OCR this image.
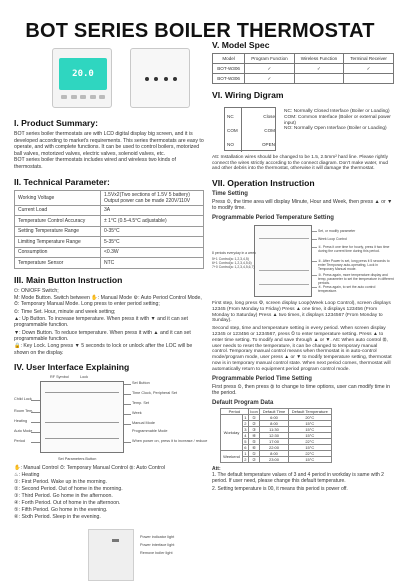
BOT SERIES BOILER THERMOSTAT
20.0
I. Product Summary:
BOT series boiler thermostats are with LCD digital display big screen, and it is developed according to market's requirements. This series thermostats are easy to operate, and with complete functions. It can be used to control boilers, motorized ball valves, motorized valves, electric valves, solenoid valves, etc.
BOT series boiler thermostats includes wired and wireless two kinds of thermostats.
II. Technical Parameter:
Working Voltage	1.5Vx2(Two sections of 1.5V 5 battery) Output power can be made 220V/110V
Current Load	3A
Temperature Control Accuracy	± 1°C (0.5-4.5°C adjustable)
Setting Temperature Range	0-35°C
Limiting Temperature Range	5-35°C
Consumption	<0.3W
Temperature Sensor	NTC
III. Main Button Instruction
⏻: ON/OFF Switch;
M: Mode Button. Switch between ✋: Manual Mode ⚙: Auto Period Control Mode, ⏱: Temporary Manual Mode. Long press to enter period setting;
⏲: Time Set. Hour, minute and week setting;
▲: Up Button. To increase temperature. When press it with ▼ and it can set programmable function.
▼: Down Button. To reduce temperature. When press it with ▲ and it can set programmable function.
🔒: Key Lock. Long press ▼ 5 seconds to lock or unlock after the LOC will be shown on the display.
IV. User Interface Explaining
RF Symbol	Lock
Child Lock
Room Tem.
Heating
Auto Mode
Period
Set Button
Time Clock, Peripheral Set
Temp. Set
Week
Manual Mode
Programmable Mode
When power on, press it to increase / reduce
Set Parameters Button
✋: Manual Control ⏱: Temporary Manual Control ⚙: Auto Control
♨: Heating
①: First Period. Wake up in the morning.
②: Second Period. Out of home in the morning.
③: Third Period. Go home in the afternoon.
④: Forth Period. Out of home in the afternoon.
⑤: Fifth Period. Go home in the evening.
⑥: Sixth Period. Sleep in the evening.
Power indicator light
Power interface light
Remove boiler light
V. Model Spec
Model	Program Function	Wireless Function	Terminal Receiver
BOT-W306	✓	✓	✓
BOT-W306	✓		
VI. Wiring Digram
NC	Close
COM	COM
NO	OPEN
NC: Normally Closed Interface (Boiler or Loading)
COM: Common Interface (Boiler or external power input)
NO: Normally Open Interface (Boiler or Loading)
Att: Installation wires should be changed to be 1.5, 2.5mm² hard line. Please rightly connect the wires strictly according to the connect diagram. Don't make water, mud and other debris into the thermostat, otherwise it will damage the thermostat.
VII. Operation Instruction
Time Setting
Press ⏲, the time area will display Minute, Hour and Week, then press ▲ or ▼ to modify time.
Programmable Period Temperature Setting
8 periods everyday in a week
5+1 Control(a: 1,2,3,4,5)
6+1 Control(a: 1,2,3,4,5,6)
7+0 Control(a: 1,2,3,4,5,6,7)
Set, or modify parameter
Week Loop Control
①. Press it one time for hourly, press it two time during the current time during this period.
②. After Power is set, long press it 5 seconds to enter Temporary auto-operating, Lock in Temporary Manual mode.
③. Press again, more temperature display and temp, parameter to set the temperature in different periods.
④. Press again, to set the auto control temperature.
First step, long press ⚙, screen display Loop(Week Loop Control), screen displays 12345 (From Monday to Friday) Press ▲ one time, it displays 123456 (From Monday to Saturday) Press ▲ two times, it displays 1234567 (From Monday to Sunday).
Second step, time and temperature setting in every period. When screen display 12345 or 123456 or 1234567, press ⏲ to enter temperature setting. Press ▲ to enter time setting. To modify and save through ▲ or ▼. Att: When auto control ⚙, user needs to reset the temperature, it can be changed to temporary manual control. Temporary manual control means when thermostat is in auto-control mode/program mode, user press ▲ or ▼ to modify temperature setting, thermostat now is in temporary manual control state. When next period comes, thermostat will automatically return to equipment period program control mode.
Programmable Period Time Setting
First press ⏲, then press ⚙ to change to time options, user can modify time in the period.
Default Program Data
Period		Icon	Default Time	Default Temperature
Workday	1	①	6:00	20°C
	2	②	8:00	15°C
	3	③	11:30	15°C
	4	④	12:30	15°C
	5	⑤	17:00	22°C
	6	⑥	22:00	15°C
Weekend	1	①	8:00	22°C
	2	②	23:00	15°C
Att:
1. The default temperature values of 3 and 4 period in workday is same with 2 period. If user need, please change this default temperature.
2. Setting temperature is 00, it means this period is power off.
